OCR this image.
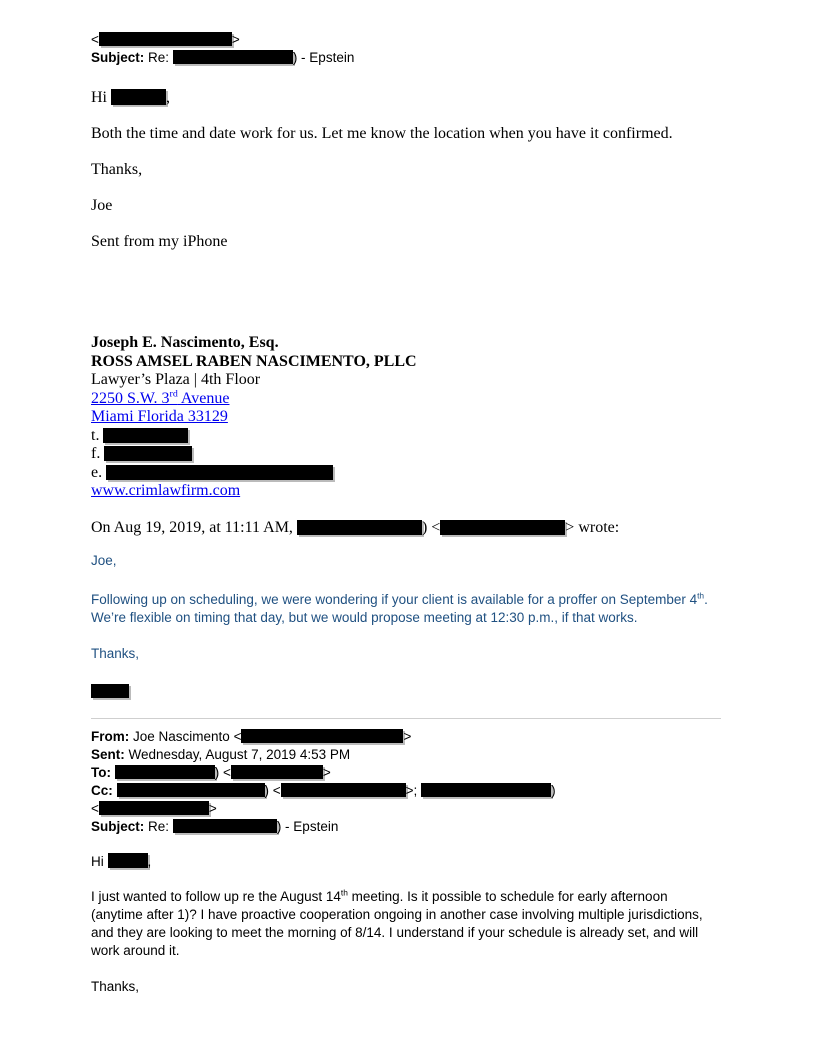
<	>

Subject: Re:	) - Epstein

Hi	,

Both the time and date work for us. Let me know the location when you have it confirmed.

Thanks,

Joe

Sent from my iPhone

Joseph E. Nascimento, Esq.

ROSS AMSEL RABEN NASCIMENTO, PLLC

Lawyer’s Plaza | 4th Floor

2250 S.W. 3rd Avenue

Miami Florida 33129

t.

f.

e.

www.crimlawfirm.com

On Aug 19, 2019, at 11:11 AM,	) <	> wrote:

Joe,

Following up on scheduling, we were wondering if your client is available for a proffer on September 4th. We’re flexible on timing that day, but we would propose meeting at 12:30 p.m., if that works.

Thanks,

From: Joe Nascimento <	>

Sent: Wednesday, August 7, 2019 4:53 PM

To:	) <	>

Cc:	) <	>;	)

<	>

Subject: Re:	) - Epstein

Hi	,

I just wanted to follow up re the August 14th meeting. Is it possible to schedule for early afternoon (anytime after 1)? I have proactive cooperation ongoing in another case involving multiple jurisdictions, and they are looking to meet the morning of 8/14. I understand if your schedule is already set, and will work around it.

Thanks,
